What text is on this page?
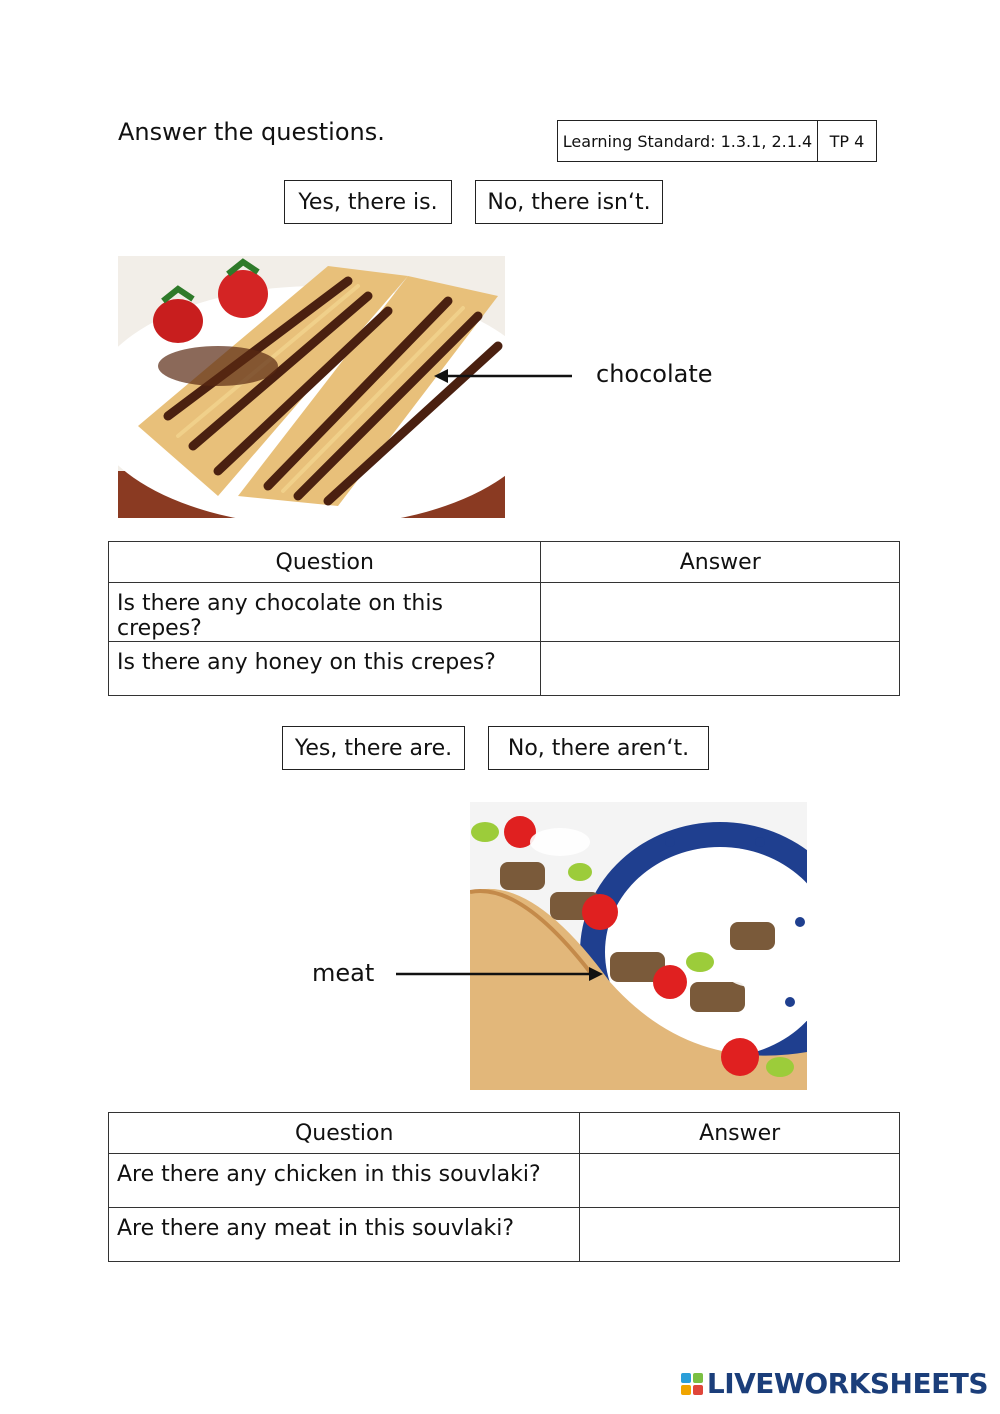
Answer the questions.	Learning Standard: 1.3.1, 2.1.4	TP 4
Yes, there is.	No, there isn‘t.
chocolate
Question	Answer
Is there any chocolate on this crepes?	
Is there any honey on this crepes?	
Yes, there are.	No, there aren‘t.
meat
Question	Answer
Are there any chicken in this souvlaki?	
Are there any meat in this souvlaki?	
LIVEWORKSHEETS
